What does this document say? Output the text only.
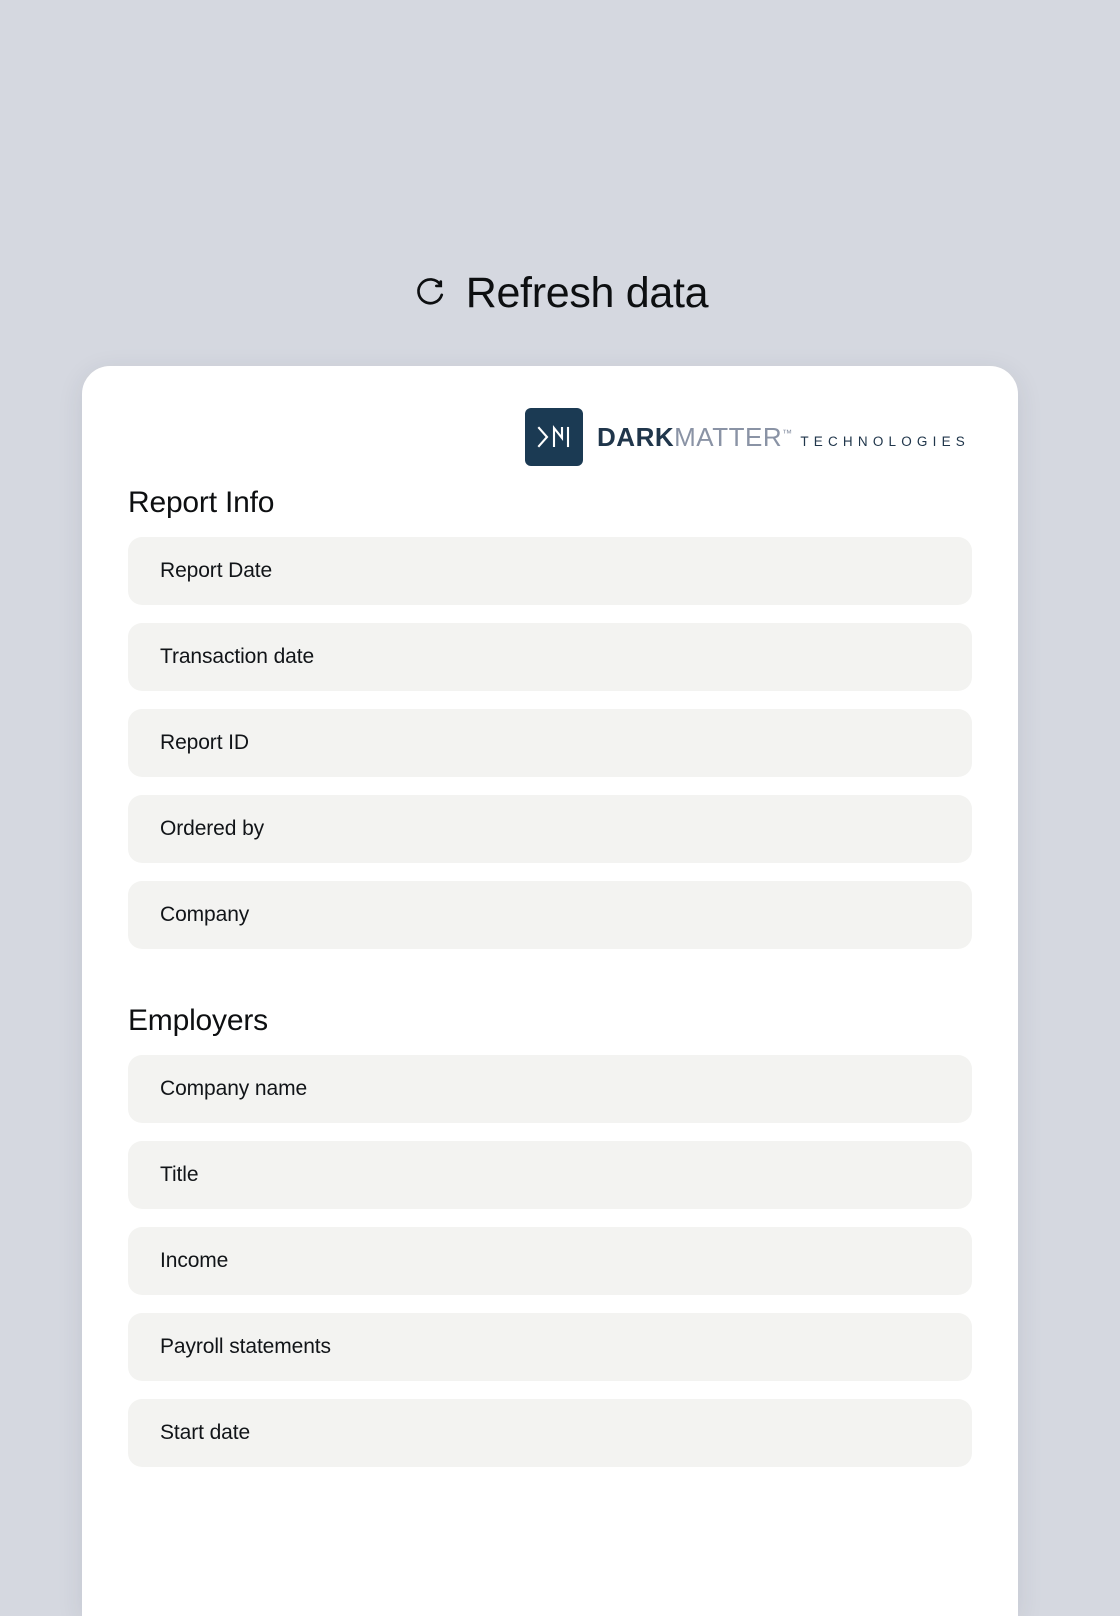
Refresh data
DARKMATTER™ TECHNOLOGIES
Report Info
Report Date
Transaction date
Report ID
Ordered by
Company
Employers
Company name
Title
Income
Payroll statements
Start date
